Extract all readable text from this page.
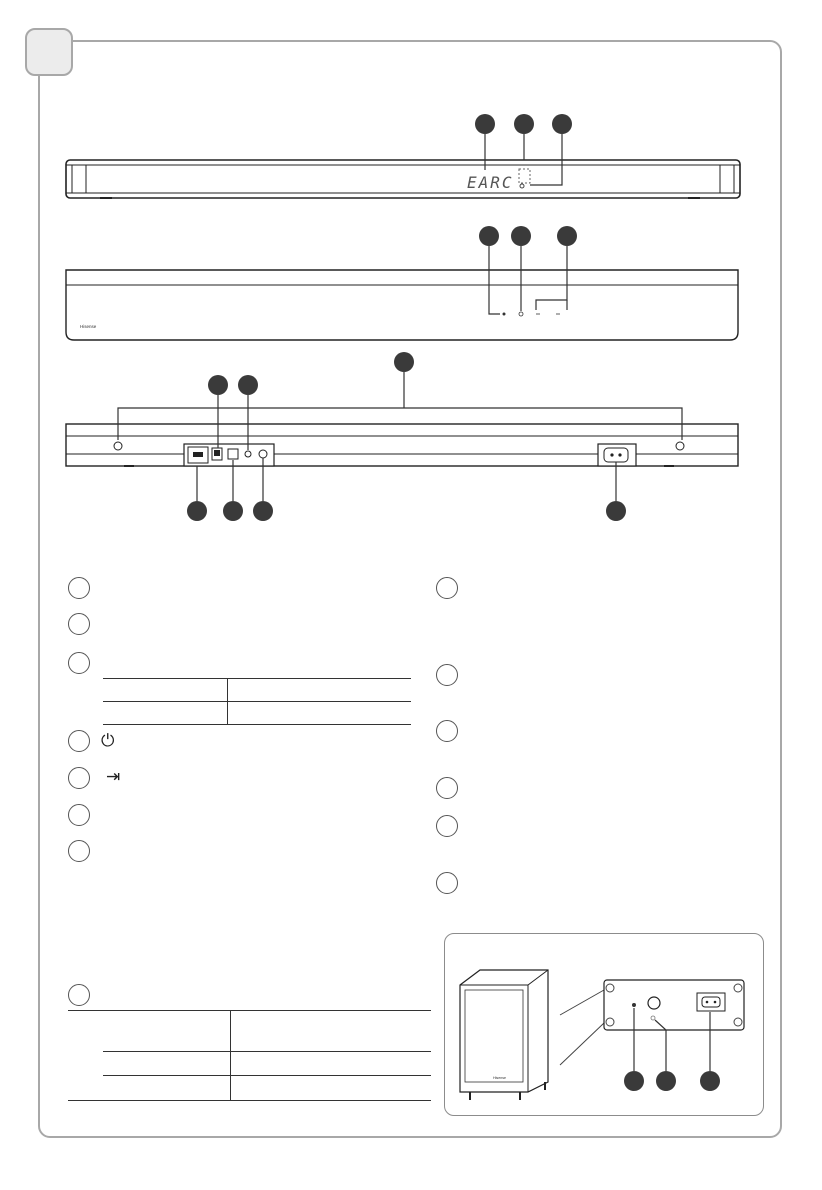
EARC
Hisense
Hisense
⏻
⇥
